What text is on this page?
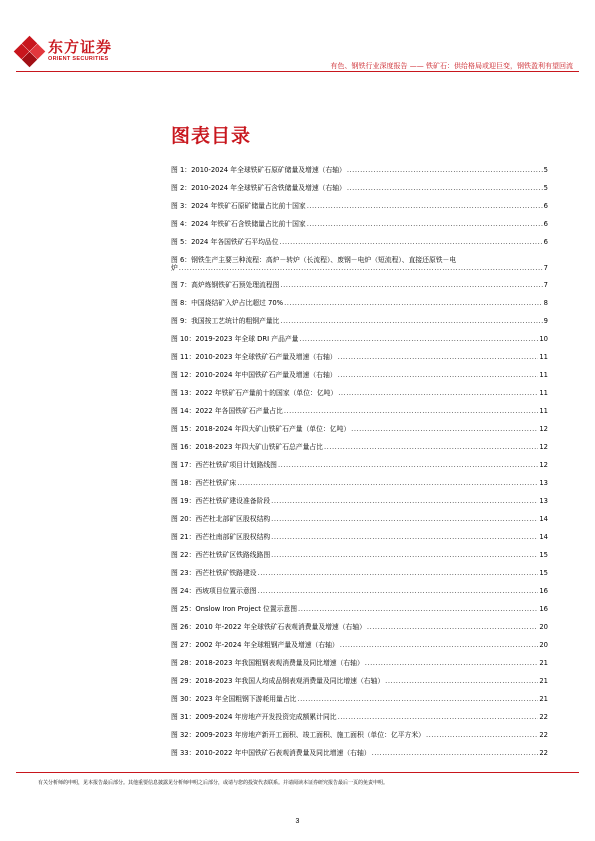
东方证券
ORIENT SECURITIES
有色、钢铁行业深度报告 —— 铁矿石：供给格局或迎巨变，钢铁盈利有望回流
图表目录
图 1：2010-2024 年全球铁矿石原矿储量及增速（右轴） .....	5
图 2：2010-2024 年全球铁矿石含铁储量及增速（右轴） .....	5
图 3：2024 年铁矿石原矿储量占比前十国家 .....	6
图 4：2024 年铁矿石含铁储量占比前十国家 .....	6
图 5：2024 年各国铁矿石平均品位 .....	6
图 6：钢铁生产主要三种流程：高炉－转炉（长流程）、废钢－电炉（短流程）、直接还原铁－电
炉 .....	7
图 7：高炉炼钢铁矿石预处理流程图 .....	7
图 8：中国烧结矿入炉占比超过 70% .....	8
图 9：我国按工艺统计的粗钢产量比 .....	9
图 10：2019-2023 年全球 DRI 产品产量 .....	10
图 11：2010-2023 年全球铁矿石产量及增速（右轴） .....	11
图 12：2010-2024 年中国铁矿石产量及增速（右轴） .....	11
图 13：2022 年铁矿石产量前十的国家（单位：亿吨） .....	11
图 14：2022 年各国铁矿石产量占比 .....	11
图 15：2018-2024 年四大矿山铁矿石产量（单位：亿吨） .....	12
图 16：2018-2023 年四大矿山铁矿石总产量占比 .....	12
图 17：西芒杜铁矿项目计划路线图 .....	12
图 18：西芒杜铁矿床 .....	13
图 19：西芒杜铁矿建设准备阶段 .....	13
图 20：西芒杜北部矿区股权结构 .....	14
图 21：西芒杜南部矿区股权结构 .....	14
图 22：西芒杜铁矿区铁路线路图 .....	15
图 23：西芒杜铁矿铁路建设 .....	15
图 24：西坡项目位置示意图 .....	16
图 25：Onslow Iron Project 位置示意图 .....	16
图 26：2010 年-2022 年全球铁矿石表观消费量及增速（右轴） .....	20
图 27：2002 年-2024 年全球粗钢产量及增速（右轴） .....	20
图 28：2018-2023 年我国粗钢表观消费量及同比增速（右轴） .....	21
图 29：2018-2023 年我国人均成品钢表观消费量及同比增速（右轴） .....	21
图 30：2023 年全国粗钢下游耗用量占比 .....	21
图 31：2009-2024 年房地产开发投资完成额累计同比 .....	22
图 32：2009-2023 年房地产新开工面积、竣工面积、施工面积（单位：亿平方米） .....	22
图 33：2010-2022 年中国铁矿石表观消费量及同比增速（右轴） .....	22
有关分析师的申明，见本报告最后部分。其他重要信息披露见分析师申明之后部分，或请与您的投资代表联系。并请阅读本证券研究报告最后一页的免责申明。
3
